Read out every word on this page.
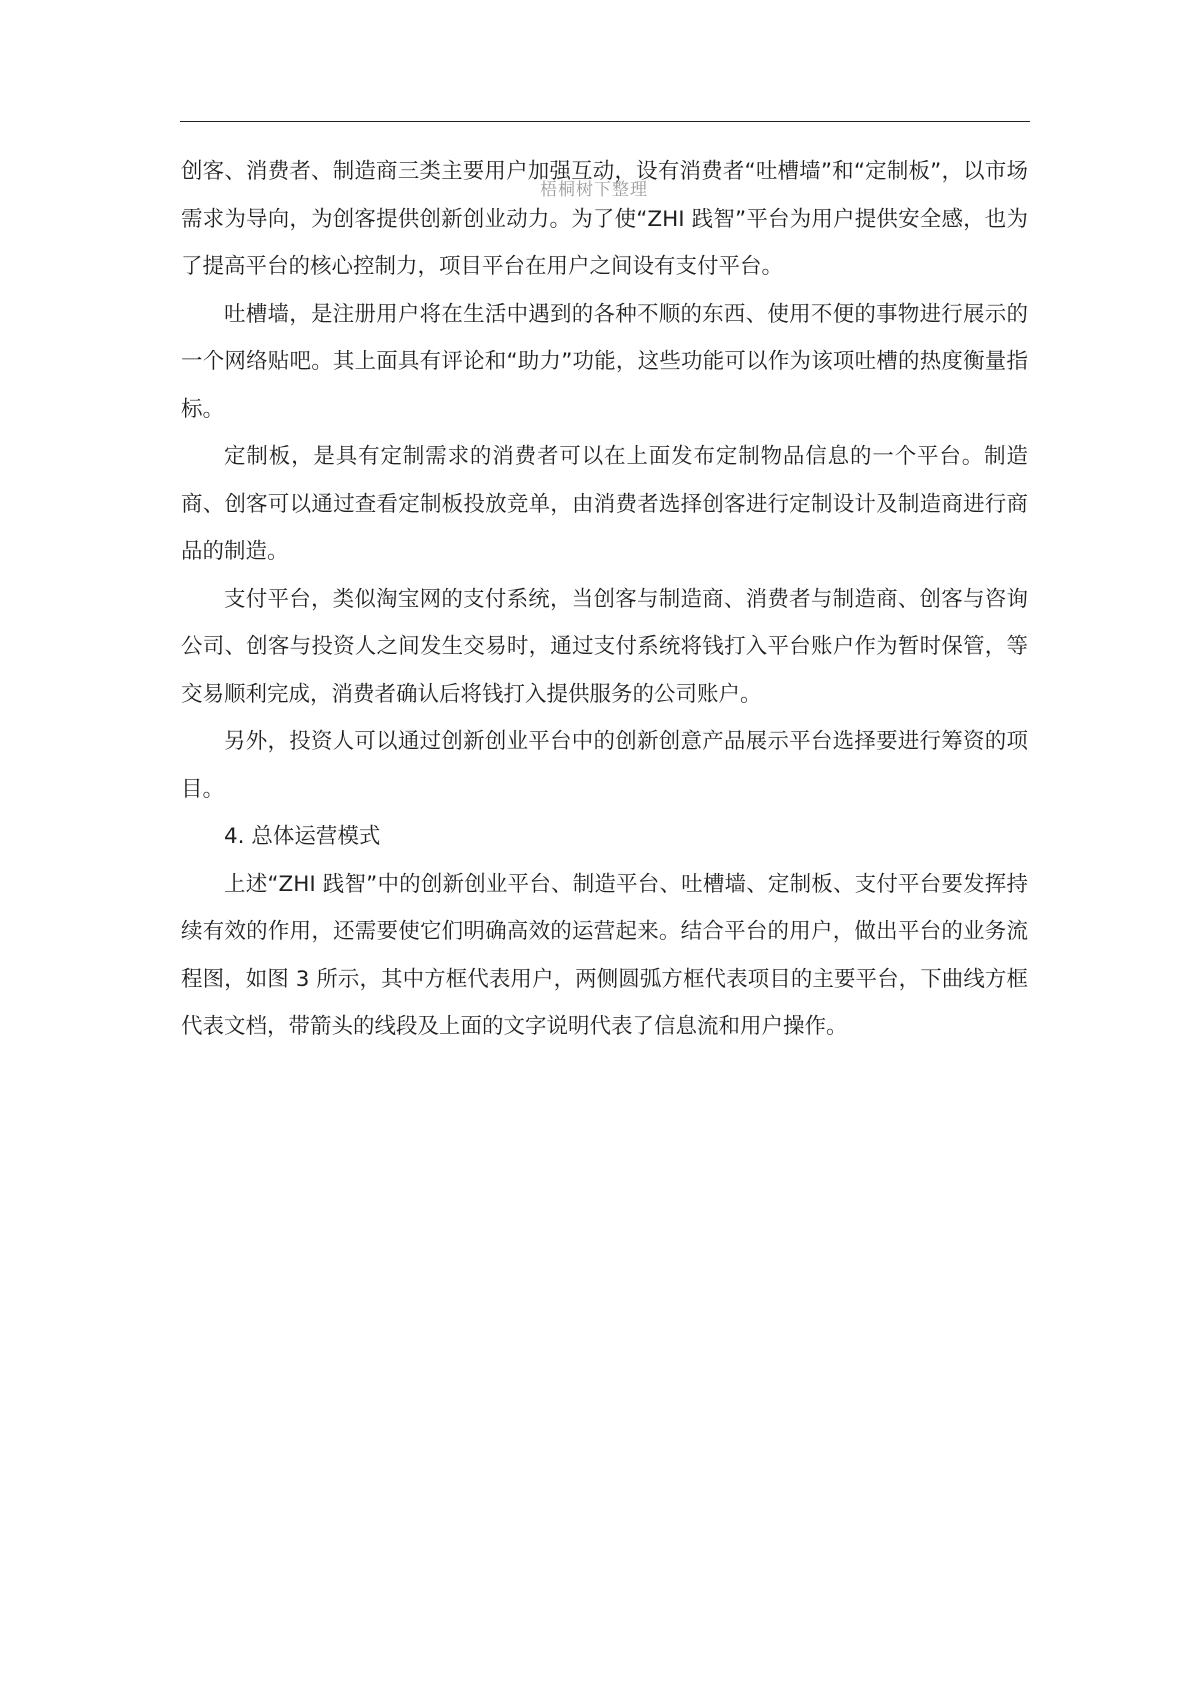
梧桐树下整理

创客、消费者、制造商三类主要用户加强互动，设有消费者“吐槽墙”和“定制板”，以市场需求为导向，为创客提供创新创业动力。为了使“ZHI 践智”平台为用户提供安全感，也为了提高平台的核心控制力，项目平台在用户之间设有支付平台。

吐槽墙，是注册用户将在生活中遇到的各种不顺的东西、使用不便的事物进行展示的一个网络贴吧。其上面具有评论和“助力”功能，这些功能可以作为该项吐槽的热度衡量指标。

定制板，是具有定制需求的消费者可以在上面发布定制物品信息的一个平台。制造商、创客可以通过查看定制板投放竞单，由消费者选择创客进行定制设计及制造商进行商品的制造。

支付平台，类似淘宝网的支付系统，当创客与制造商、消费者与制造商、创客与咨询公司、创客与投资人之间发生交易时，通过支付系统将钱打入平台账户作为暂时保管，等交易顺利完成，消费者确认后将钱打入提供服务的公司账户。

另外，投资人可以通过创新创业平台中的创新创意产品展示平台选择要进行筹资的项目。

4. 总体运营模式

上述“ZHI 践智”中的创新创业平台、制造平台、吐槽墙、定制板、支付平台要发挥持续有效的作用，还需要使它们明确高效的运营起来。结合平台的用户，做出平台的业务流程图，如图 3 所示，其中方框代表用户，两侧圆弧方框代表项目的主要平台，下曲线方框代表文档，带箭头的线段及上面的文字说明代表了信息流和用户操作。
